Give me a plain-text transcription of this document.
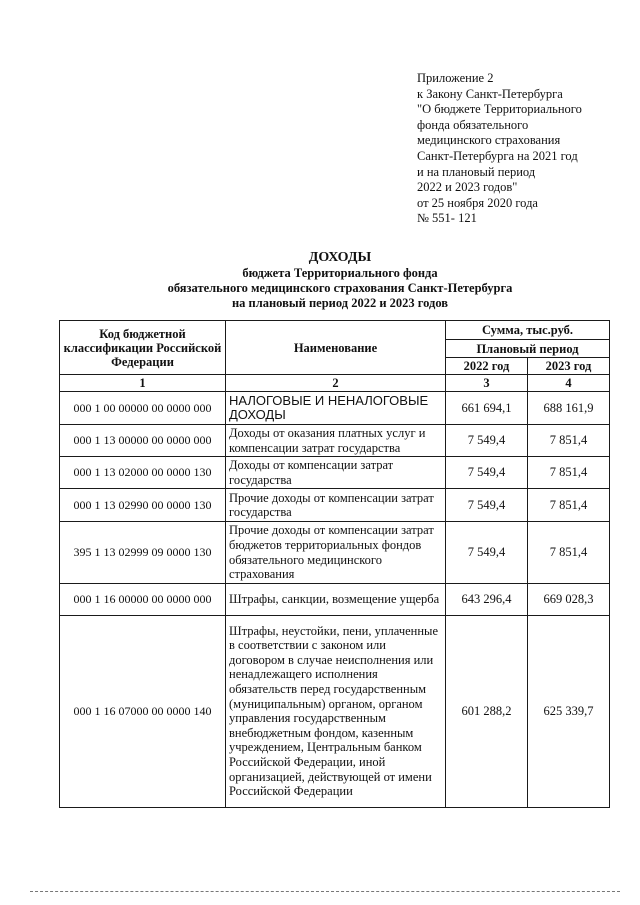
Приложение 2
к Закону Санкт-Петербурга
"О бюджете Территориального
фонда обязательного
медицинского страхования
Санкт-Петербурга на 2021 год
и на плановый период
2022 и 2023 годов"
от 25 ноября 2020 года
№ 551- 121
ДОХОДЫ
бюджета Территориального фонда
обязательного медицинского страхования Санкт-Петербурга
на плановый период 2022 и 2023 годов
Код бюджетной классификации Российской Федерации	Наименование	Сумма, тыс.руб.	
		Плановый период	
		2022 год	2023 год
1	2	3	4
000 1 00 00000 00 0000 000	НАЛОГОВЫЕ И НЕНАЛОГОВЫЕ ДОХОДЫ	661 694,1	688 161,9
000 1 13 00000 00 0000 000	Доходы от оказания платных услуг и компенсации затрат государства	7 549,4	7 851,4
000 1 13 02000 00 0000 130	Доходы от компенсации затрат государства	7 549,4	7 851,4
000 1 13 02990 00 0000 130	Прочие доходы от компенсации затрат государства	7 549,4	7 851,4
395 1 13 02999 09 0000 130	Прочие доходы от компенсации затрат бюджетов территориальных фондов обязательного медицинского страхования	7 549,4	7 851,4
000 1 16 00000 00 0000 000	Штрафы, санкции, возмещение ущерба	643 296,4	669 028,3
000 1 16 07000 00 0000 140	Штрафы, неустойки, пени, уплаченные в соответствии с законом или договором в случае неисполнения или ненадлежащего исполнения обязательств перед государственным (муниципальным) органом, органом управления государственным внебюджетным фондом, казенным учреждением, Центральным банком Российской Федерации, иной организацией, действующей от имени Российской Федерации	601 288,2	625 339,7
